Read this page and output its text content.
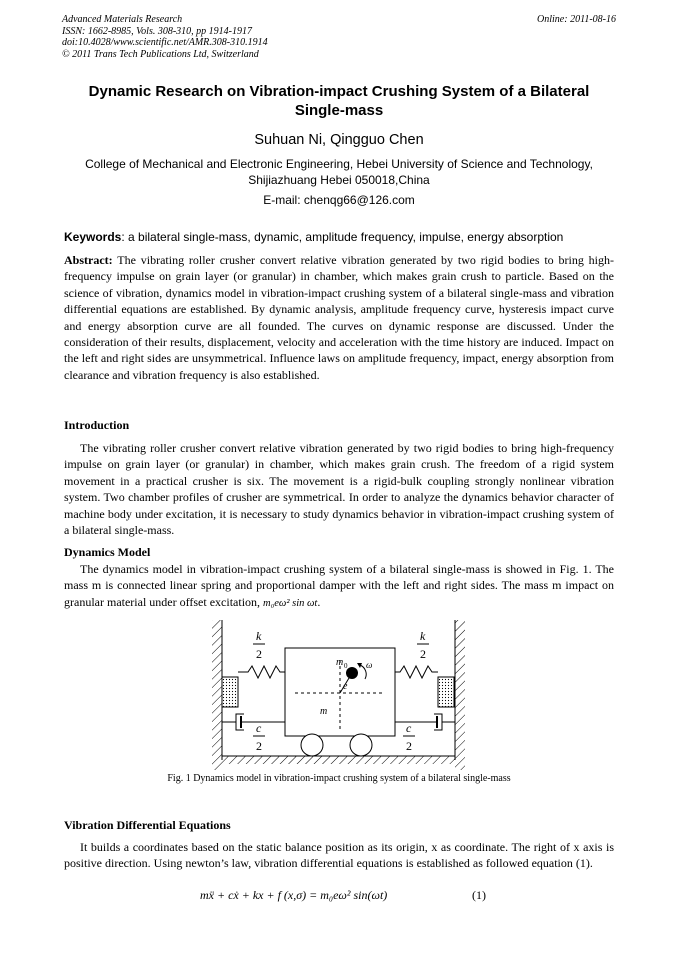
Advanced Materials Research
ISSN: 1662-8985, Vols. 308-310, pp 1914-1917
doi:10.4028/www.scientific.net/AMR.308-310.1914
© 2011 Trans Tech Publications Ltd, Switzerland
Online: 2011-08-16
Dynamic Research on Vibration-impact Crushing System of a Bilateral Single-mass
Suhuan Ni, Qingguo Chen
College of Mechanical and Electronic Engineering, Hebei University of Science and Technology,
Shijiazhuang Hebei 050018,China
E-mail: chenqg66@126.com
Keywords: a bilateral single-mass, dynamic, amplitude frequency, impulse, energy absorption
Abstract: The vibrating roller crusher convert relative vibration generated by two rigid bodies to bring high-frequency impulse on grain layer (or granular) in chamber, which makes grain crush to particle. Based on the science of vibration, dynamics model in vibration-impact crushing system of a bilateral single-mass and vibration differential equations are established. By dynamic analysis, amplitude frequency curve, hysteresis impact curve and energy absorption curve are all founded. The curves on dynamic response are discussed. Under the consideration of their results, displacement, velocity and acceleration with the time history are induced. Impact on the left and right sides are unsymmetrical. Influence laws on amplitude frequency, impact, energy absorption from clearance and vibration frequency is also established.
Introduction
The vibrating roller crusher convert relative vibration generated by two rigid bodies to bring high-frequency impulse on grain layer (or granular) in chamber, which makes grain crush. The freedom of a rigid system movement in a practical crusher is six. The movement is a rigid-bulk coupling strongly nonlinear vibration system. Two chamber profiles of crusher are symmetrical. In order to analyze the dynamics behavior character of machine body under excitation, it is necessary to study dynamics behavior in vibration-impact crushing system of a bilateral single-mass.
Dynamics Model
The dynamics model in vibration-impact crushing system of a bilateral single-mass is showed in Fig. 1. The mass m is connected linear spring and proportional damper with the left and right sides. The mass m impact on granular material under offset excitation, m₀eω² sin ωt.
k
2
k
2
c
2
c
2
m
m 0
e
ω
Fig. 1 Dynamics model in vibration-impact crushing system of a bilateral single-mass
Vibration Differential Equations
It builds a coordinates based on the static balance position as its origin, x as coordinate. The right of x axis is positive direction. Using newton’s law, vibration differential equations is established as followed equation (1).
mẍ + cẋ + kx + f (x,σ) = m₀eω² sin(ωt)	(1)
